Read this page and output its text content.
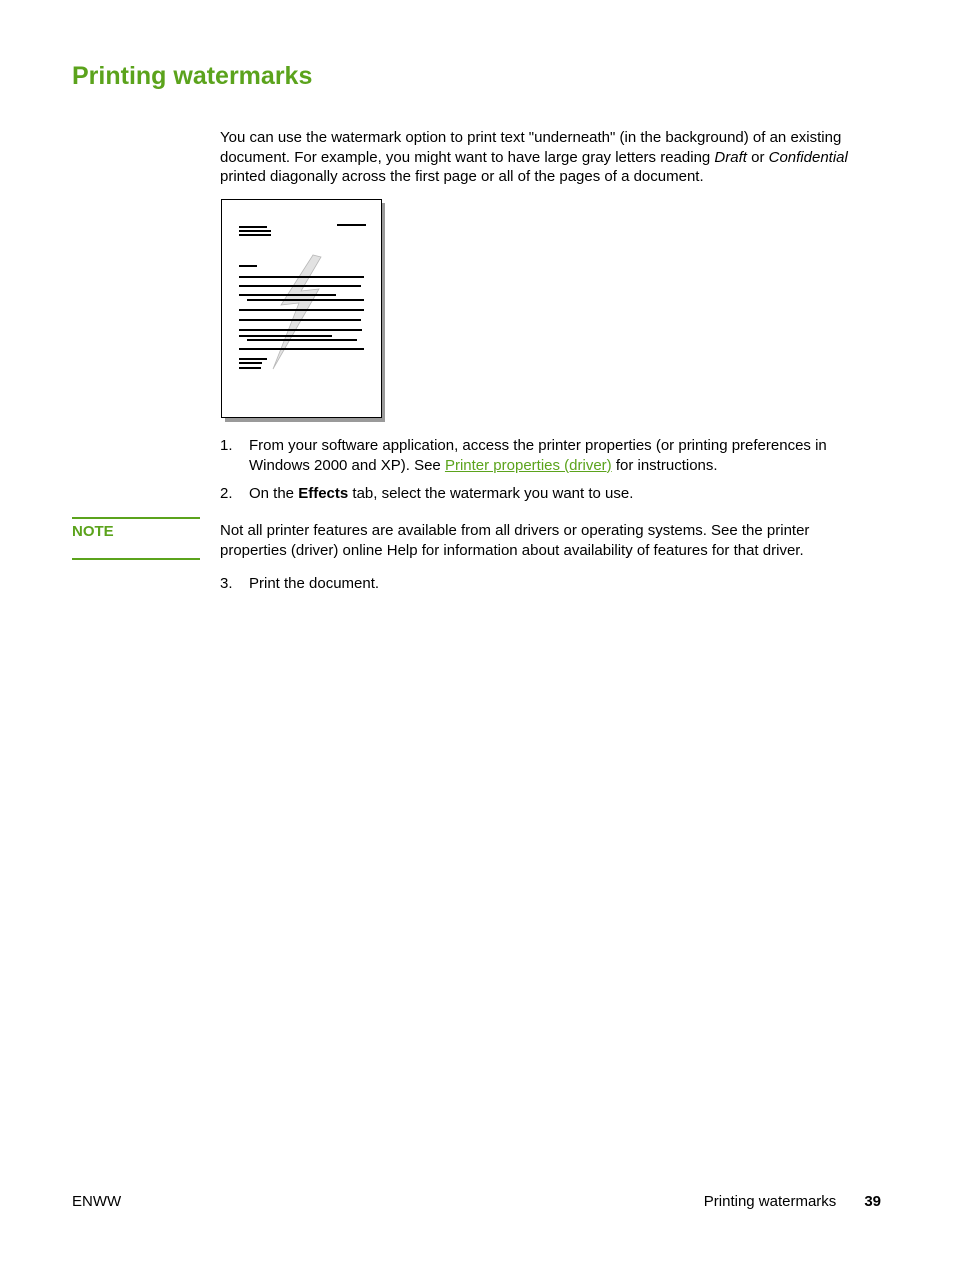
Printing watermarks

You can use the watermark option to print text "underneath" (in the background) of an existing document. For example, you might want to have large gray letters reading Draft or Confidential printed diagonally across the first page or all of the pages of a document.

1. From your software application, access the printer properties (or printing preferences in Windows 2000 and XP). See Printer properties (driver) for instructions.
2. On the Effects tab, select the watermark you want to use.
NOTE	Not all printer features are available from all drivers or operating systems. See the printer properties (driver) online Help for information about availability of features for that driver.

3. Print the document.
ENWW	Printing watermarks 39
